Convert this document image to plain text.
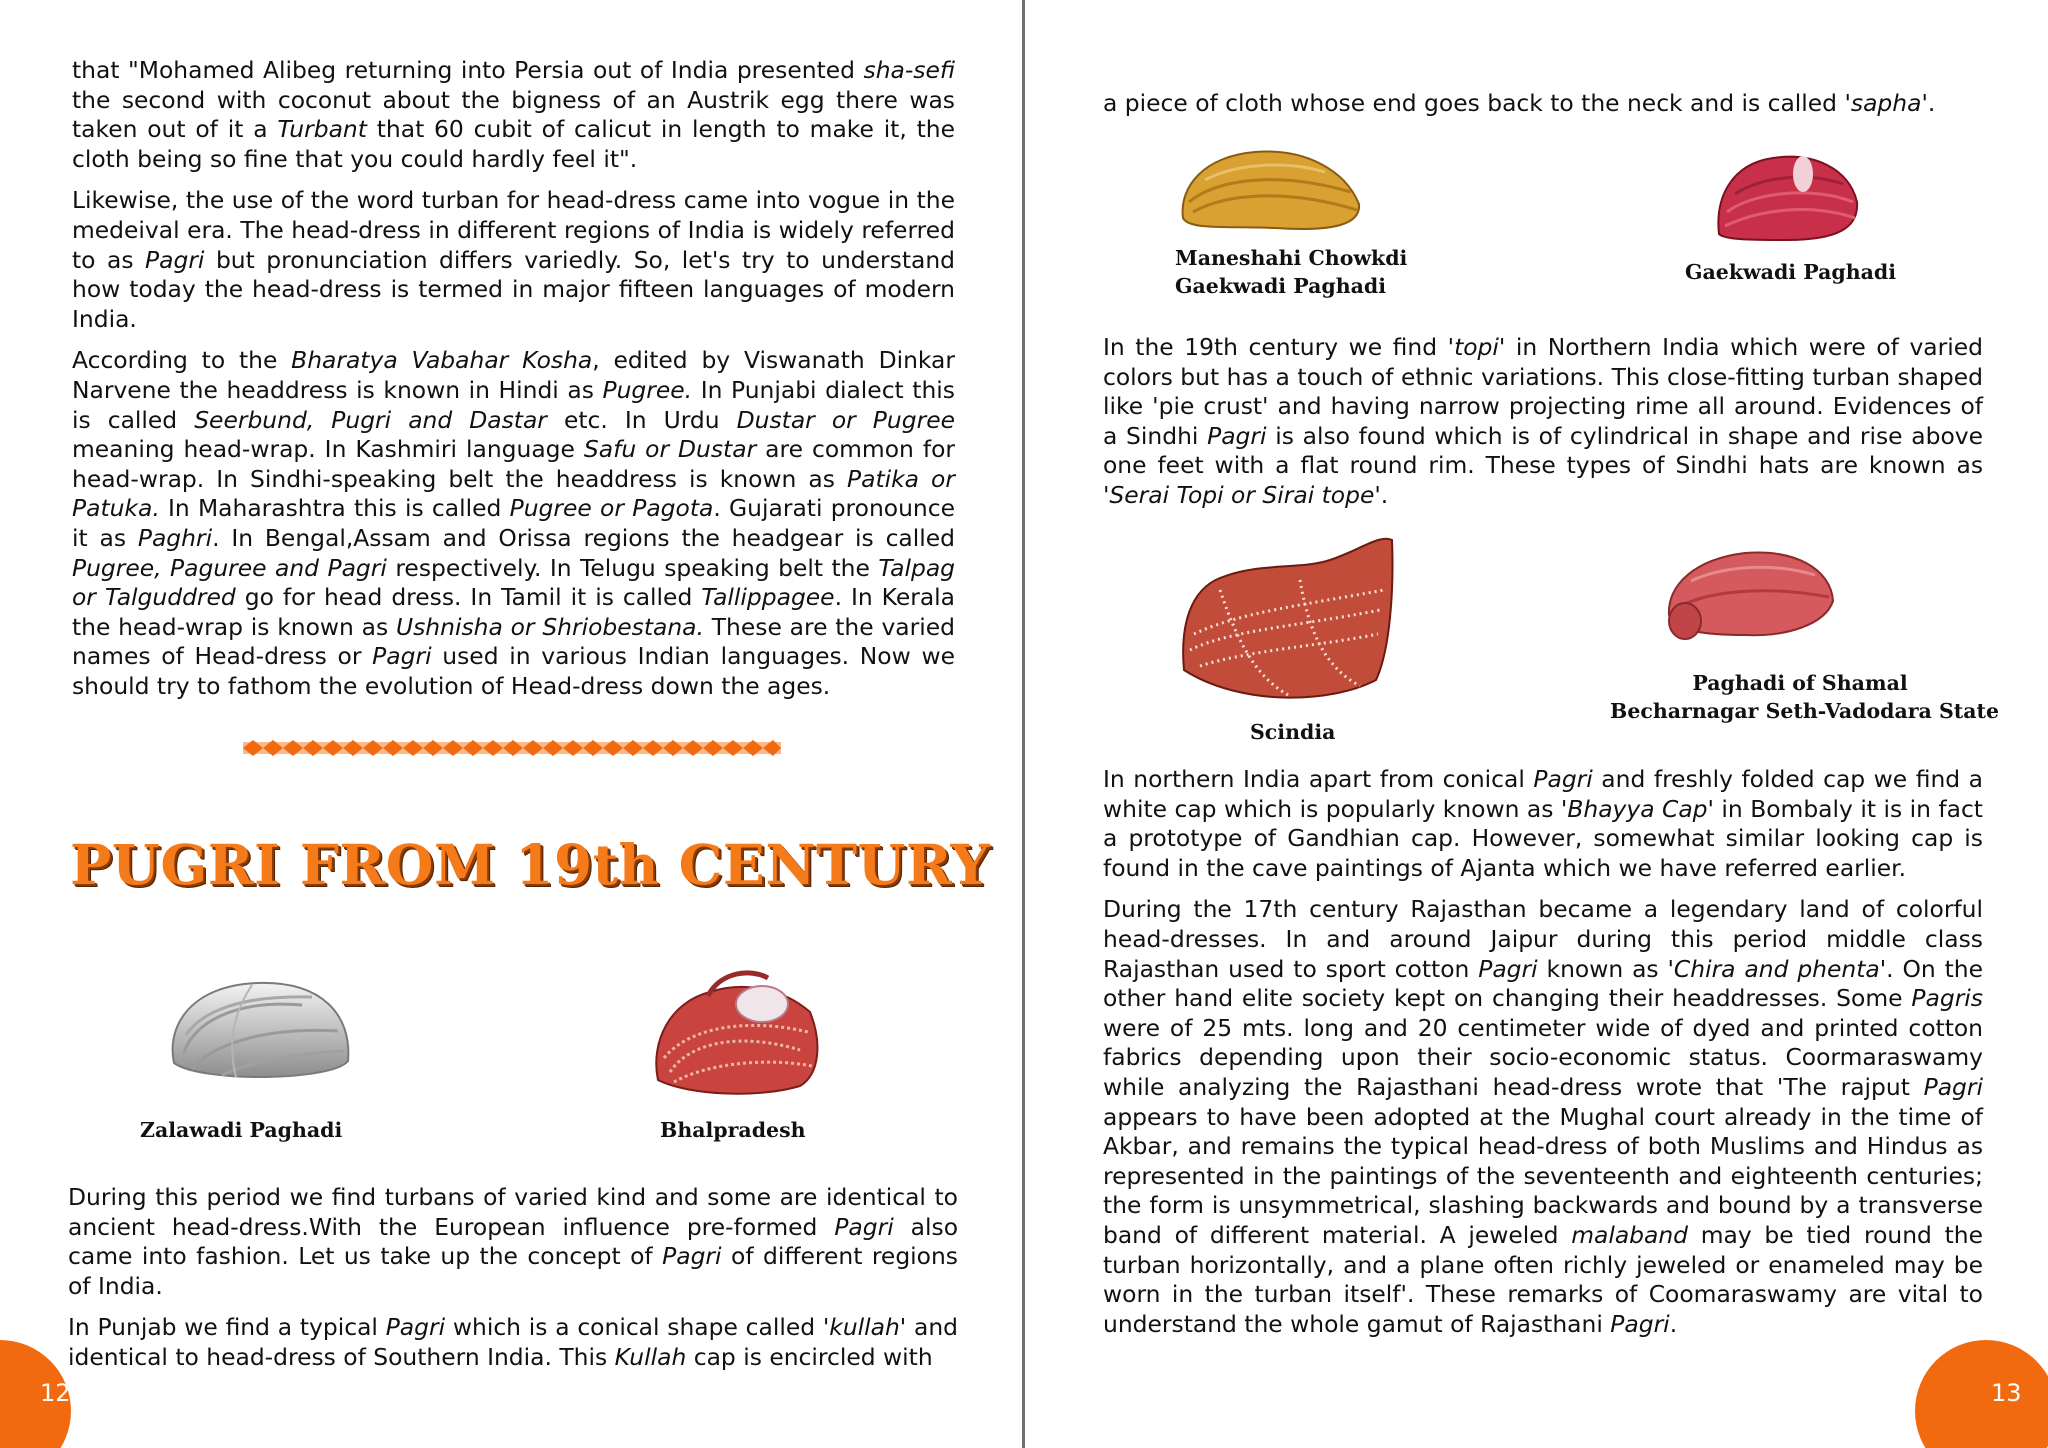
that "Mohamed Alibeg returning into Persia out of India presented sha-sefi the second with coconut about the bigness of an Austrik egg there was taken out of it a Turbant that 60 cubit of calicut in length to make it, the cloth being so fine that you could hardly feel it".

Likewise, the use of the word turban for head-dress came into vogue in the medeival era. The head-dress in different regions of India is widely referred to as Pagri but pronunciation differs variedly. So, let's try to understand how today the head-dress is termed in major fifteen languages of modern India.

According to the Bharatya Vabahar Kosha, edited by Viswanath Dinkar Narvene the headdress is known in Hindi as Pugree. In Punjabi dialect this is called Seerbund, Pugri and Dastar etc. In Urdu Dustar or Pugree meaning head-wrap. In Kashmiri language Safu or Dustar are common for head-wrap. In Sindhi-speaking belt the headdress is known as Patika or Patuka. In Maharashtra this is called Pugree or Pagota. Gujarati pronounce it as Paghri. In Bengal,Assam and Orissa regions the headgear is called Pugree, Paguree and Pagri respectively. In Telugu speaking belt the Talpag or Talguddred go for head dress. In Tamil it is called Tallippagee. In Kerala the head-wrap is known as Ushnisha or Shriobestana. These are the varied names of Head-dress or Pagri used in various Indian languages. Now we should try to fathom the evolution of Head-dress down the ages.

PUGRI FROM 19th CENTURY
Zalawadi Paghadi	Bhalpradesh

During this period we find turbans of varied kind and some are identical to ancient head-dress.With the European influence pre-formed Pagri also came into fashion. Let us take up the concept of Pagri of different regions of India.

In Punjab we find a typical Pagri which is a conical shape called 'kullah' and identical to head-dress of Southern India. This Kullah cap is encircled with

12

a piece of cloth whose end goes back to the neck and is called 'sapha'.

Maneshahi Chowkdi
Gaekwadi Paghadi
Gaekwadi Paghadi

In the 19th century we find 'topi' in Northern India which were of varied colors but has a touch of ethnic variations. This close-fitting turban shaped like 'pie crust' and having narrow projecting rime all around. Evidences of a Sindhi Pagri is also found which is of cylindrical in shape and rise above one feet with a flat round rim. These types of Sindhi hats are known as 'Serai Topi or Sirai tope'.

Scindia
Paghadi of Shamal
Becharnagar Seth-Vadodara State

In northern India apart from conical Pagri and freshly folded cap we find a white cap which is popularly known as 'Bhayya Cap' in Bombaly it is in fact a prototype of Gandhian cap. However, somewhat similar looking cap is found in the cave paintings of Ajanta which we have referred earlier.

During the 17th century Rajasthan became a legendary land of colorful head-dresses. In and around Jaipur during this period middle class Rajasthan used to sport cotton Pagri known as 'Chira and phenta'. On the other hand elite society kept on changing their headdresses. Some Pagris were of 25 mts. long and 20 centimeter wide of dyed and printed cotton fabrics depending upon their socio-economic status. Coormaraswamy while analyzing the Rajasthani head-dress wrote that 'The rajput Pagri appears to have been adopted at the Mughal court already in the time of Akbar, and remains the typical head-dress of both Muslims and Hindus as represented in the paintings of the seventeenth and eighteenth centuries; the form is unsymmetrical, slashing backwards and bound by a transverse band of different material. A jeweled malaband may be tied round the turban horizontally, and a plane often richly jeweled or enameled may be worn in the turban itself'. These remarks of Coomaraswamy are vital to understand the whole gamut of Rajasthani Pagri.

13
